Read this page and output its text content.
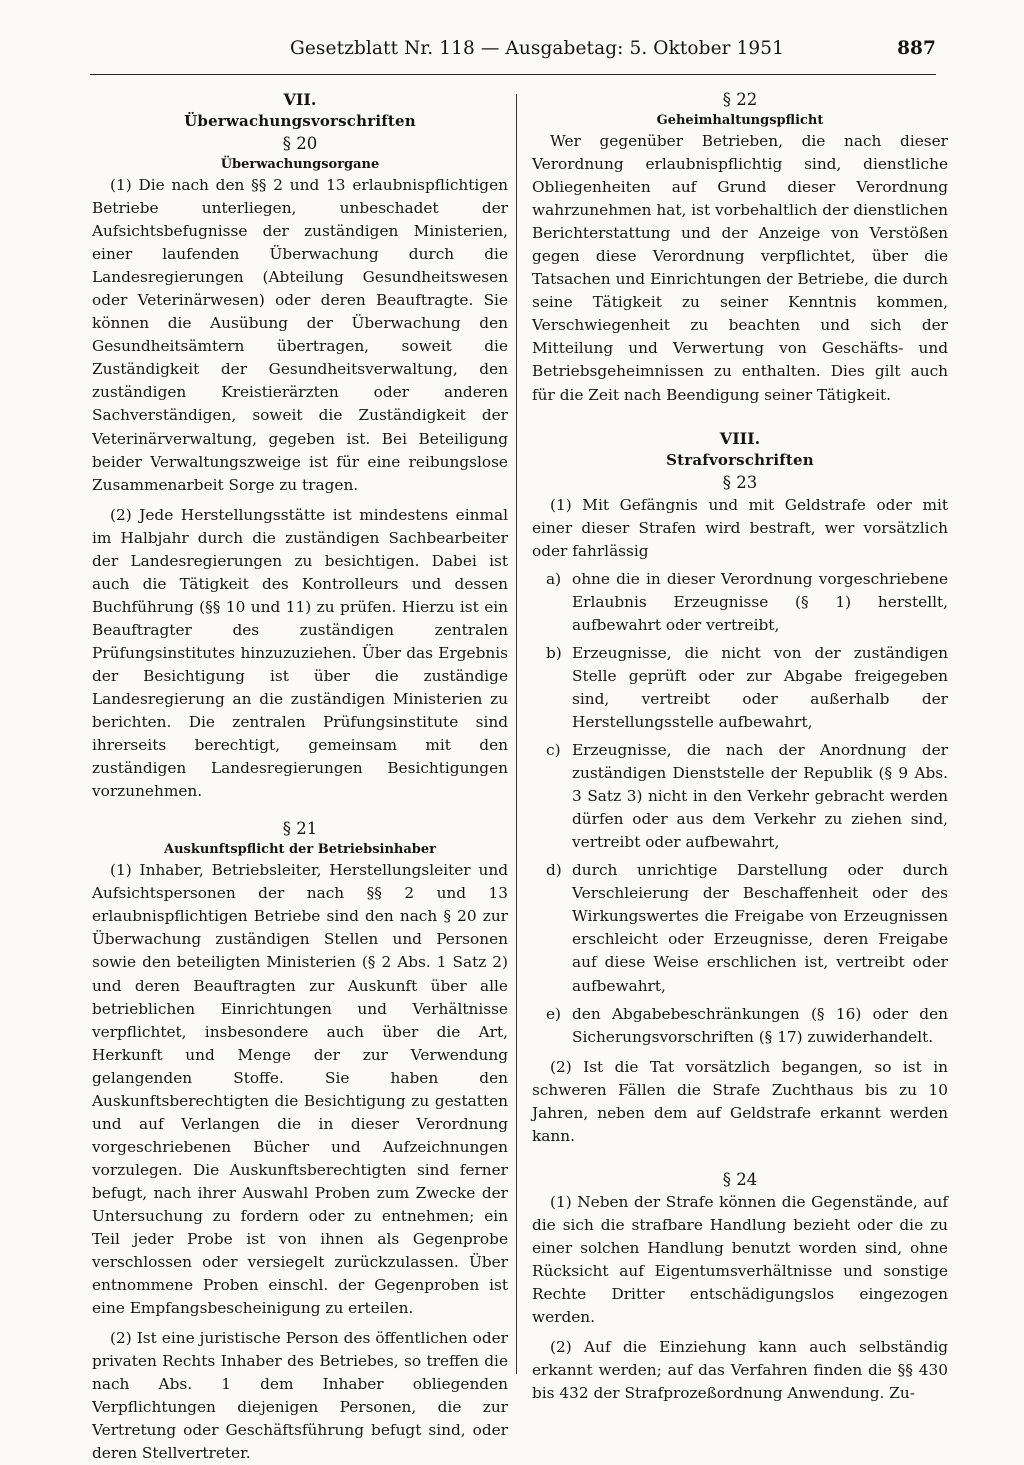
Gesetzblatt Nr. 118 — Ausgabetag: 5. Oktober 1951	887
VII.
Überwachungsvorschriften
§ 20
Überwachungsorgane

(1) Die nach den §§ 2 und 13 erlaubnispflichtigen Betriebe unterliegen, unbeschadet der Aufsichtsbefugnisse der zuständigen Ministerien, einer laufenden Überwachung durch die Landesregierungen (Abteilung Gesundheitswesen oder Veterinärwesen) oder deren Beauftragte. Sie können die Ausübung der Überwachung den Gesundheitsämtern übertragen, soweit die Zuständigkeit der Gesundheitsverwaltung, den zuständigen Kreistierärzten oder anderen Sachverständigen, soweit die Zuständigkeit der Veterinärverwaltung, gegeben ist. Bei Beteiligung beider Verwaltungszweige ist für eine reibungslose Zusammenarbeit Sorge zu tragen.

(2) Jede Herstellungsstätte ist mindestens einmal im Halbjahr durch die zuständigen Sachbearbeiter der Landesregierungen zu besichtigen. Dabei ist auch die Tätigkeit des Kontrolleurs und dessen Buchführung (§§ 10 und 11) zu prüfen. Hierzu ist ein Beauftragter des zuständigen zentralen Prüfungsinstitutes hinzuzuziehen. Über das Ergebnis der Besichtigung ist über die zuständige Landesregierung an die zuständigen Ministerien zu berichten. Die zentralen Prüfungsinstitute sind ihrerseits berechtigt, gemeinsam mit den zuständigen Landesregierungen Besichtigungen vorzunehmen.

§ 21
Auskunftspflicht der Betriebsinhaber

(1) Inhaber, Betriebsleiter, Herstellungsleiter und Aufsichtspersonen der nach §§ 2 und 13 erlaubnispflichtigen Betriebe sind den nach § 20 zur Überwachung zuständigen Stellen und Personen sowie den beteiligten Ministerien (§ 2 Abs. 1 Satz 2) und deren Beauftragten zur Auskunft über alle betrieblichen Einrichtungen und Verhältnisse verpflichtet, insbesondere auch über die Art, Herkunft und Menge der zur Verwendung gelangenden Stoffe. Sie haben den Auskunftsberechtigten die Besichtigung zu gestatten und auf Verlangen die in dieser Verordnung vorgeschriebenen Bücher und Aufzeichnungen vorzulegen. Die Auskunftsberechtigten sind ferner befugt, nach ihrer Auswahl Proben zum Zwecke der Untersuchung zu fordern oder zu entnehmen; ein Teil jeder Probe ist von ihnen als Gegenprobe verschlossen oder versiegelt zurückzulassen. Über entnommene Proben einschl. der Gegenproben ist eine Empfangsbescheinigung zu erteilen.

(2) Ist eine juristische Person des öffentlichen oder privaten Rechts Inhaber des Betriebes, so treffen die nach Abs. 1 dem Inhaber obliegenden Verpflichtungen diejenigen Personen, die zur Vertretung oder Geschäftsführung befugt sind, oder deren Stellvertreter.

§ 22
Geheimhaltungspflicht

Wer gegenüber Betrieben, die nach dieser Verordnung erlaubnispflichtig sind, dienstliche Obliegenheiten auf Grund dieser Verordnung wahrzunehmen hat, ist vorbehaltlich der dienstlichen Berichterstattung und der Anzeige von Verstößen gegen diese Verordnung verpflichtet, über die Tatsachen und Einrichtungen der Betriebe, die durch seine Tätigkeit zu seiner Kenntnis kommen, Verschwiegenheit zu beachten und sich der Mitteilung und Verwertung von Geschäfts- und Betriebsgeheimnissen zu enthalten. Dies gilt auch für die Zeit nach Beendigung seiner Tätigkeit.

VIII.
Strafvorschriften
§ 23

(1) Mit Gefängnis und mit Geldstrafe oder mit einer dieser Strafen wird bestraft, wer vorsätzlich oder fahrlässig

a) ohne die in dieser Verordnung vorgeschriebene Erlaubnis Erzeugnisse (§ 1) herstellt, aufbewahrt oder vertreibt,
b) Erzeugnisse, die nicht von der zuständigen Stelle geprüft oder zur Abgabe freigegeben sind, vertreibt oder außerhalb der Herstellungsstelle aufbewahrt,
c) Erzeugnisse, die nach der Anordnung der zuständigen Dienststelle der Republik (§ 9 Abs. 3 Satz 3) nicht in den Verkehr gebracht werden dürfen oder aus dem Verkehr zu ziehen sind, vertreibt oder aufbewahrt,
d) durch unrichtige Darstellung oder durch Verschleierung der Beschaffenheit oder des Wirkungswertes die Freigabe von Erzeugnissen erschleicht oder Erzeugnisse, deren Freigabe auf diese Weise erschlichen ist, vertreibt oder aufbewahrt,
e) den Abgabebeschränkungen (§ 16) oder den Sicherungsvorschriften (§ 17) zuwiderhandelt.

(2) Ist die Tat vorsätzlich begangen, so ist in schweren Fällen die Strafe Zuchthaus bis zu 10 Jahren, neben dem auf Geldstrafe erkannt werden kann.

§ 24

(1) Neben der Strafe können die Gegenstände, auf die sich die strafbare Handlung bezieht oder die zu einer solchen Handlung benutzt worden sind, ohne Rücksicht auf Eigentumsverhältnisse und sonstige Rechte Dritter entschädigungslos eingezogen werden.

(2) Auf die Einziehung kann auch selbständig erkannt werden; auf das Verfahren finden die §§ 430 bis 432 der Strafprozeßordnung Anwendung. Zu-
